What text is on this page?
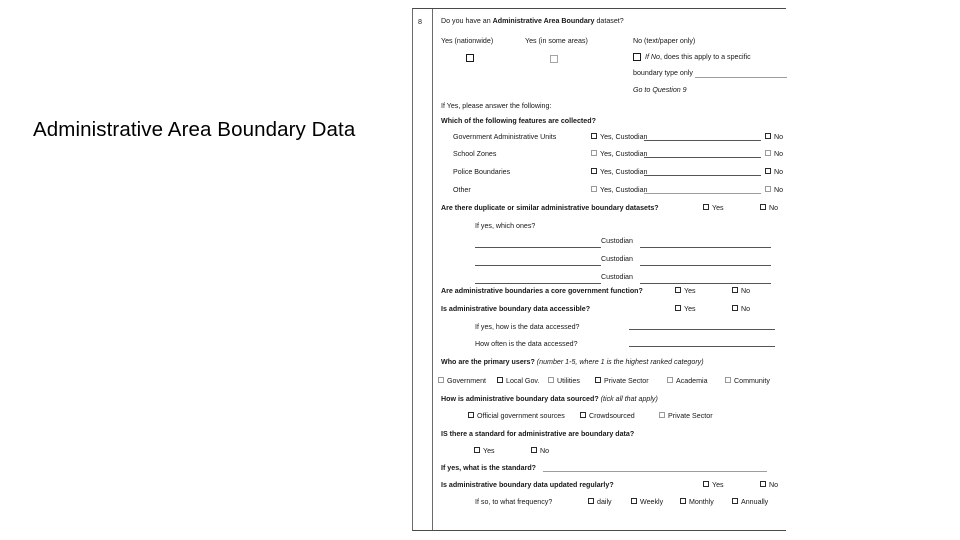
Administrative Area Boundary Data
8	Do you have an Administrative Area Boundary dataset?
Yes (nationwide)	Yes (in some areas)	No (text/paper only)
If No, does this apply to a specific
boundary type only
Go to Question 9
If Yes, please answer the following:
Which of the following features are collected?
Government Administrative Units	Yes, Custodian	No
School Zones	Yes, Custodian	No
Police Boundaries	Yes, Custodian	No
Other	Yes, Custodian	No
Are there duplicate or similar administrative boundary datasets?	Yes	No
If yes, which ones?
Custodian
Custodian
Custodian
Are administrative boundaries a core government function?	Yes	No
Is administrative boundary data accessible?	Yes	No
If yes, how is the data accessed?
How often is the data accessed?
Who are the primary users? (number 1-5, where 1 is the highest ranked category)
Government	Local Gov. Utilities	Private Sector	Academia	Community
How is administrative boundary data sourced? (tick all that apply)
Official government sources	Crowdsourced	Private Sector
IS there a standard for administrative are boundary data?
Yes	No
If yes, what is the standard?
Is administrative boundary data updated regularly?	Yes	No
If so, to what frequency?	daily	Weekly	Monthly	Annually
